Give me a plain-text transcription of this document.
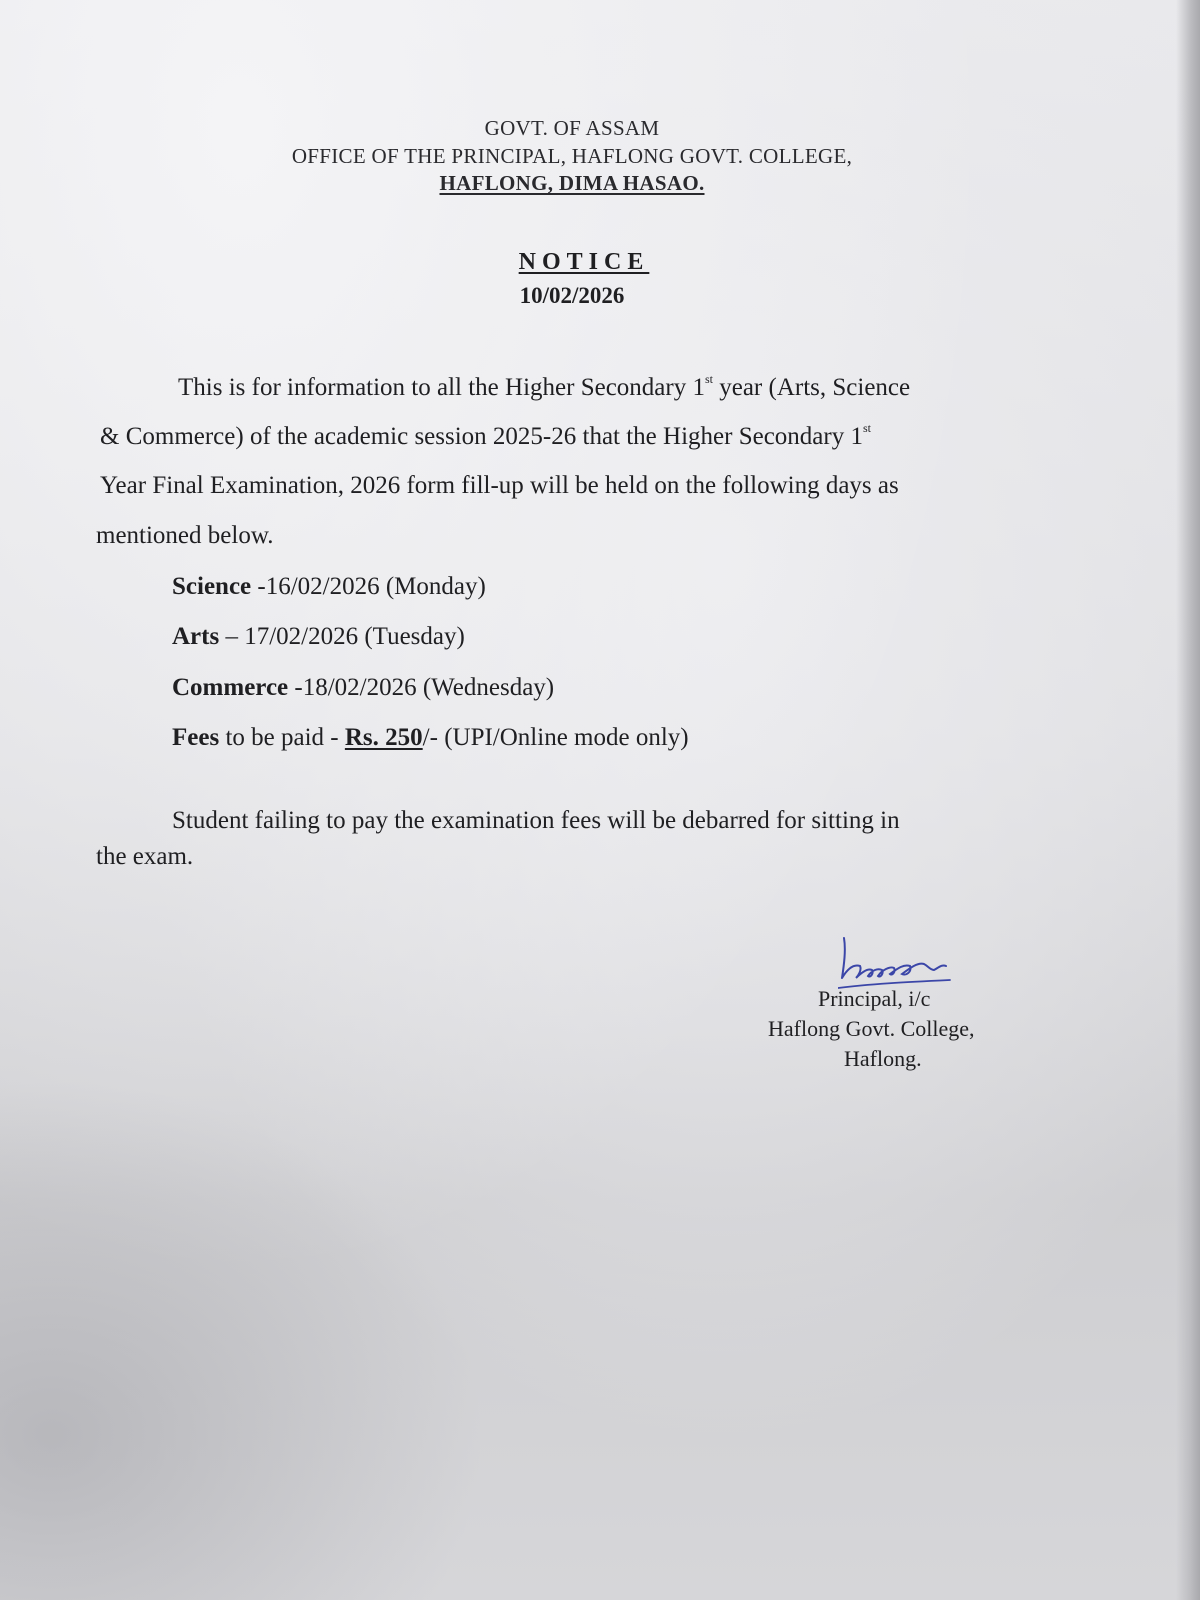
GOVT. OF ASSAM
OFFICE OF THE PRINCIPAL, HAFLONG GOVT. COLLEGE,
HAFLONG, DIMA HASAO.
NOTICE
10/02/2026
This is for information to all the Higher Secondary 1st year (Arts, Science
& Commerce) of the academic session 2025-26 that the Higher Secondary 1st
Year Final Examination, 2026 form fill-up will be held on the following days as
mentioned below.
Science -16/02/2026 (Monday)
Arts – 17/02/2026 (Tuesday)
Commerce -18/02/2026 (Wednesday)
Fees to be paid - Rs. 250/- (UPI/Online mode only)
Student failing to pay the examination fees will be debarred for sitting in
the exam.
Principal, i/c
Haflong Govt. College,
Haflong.
